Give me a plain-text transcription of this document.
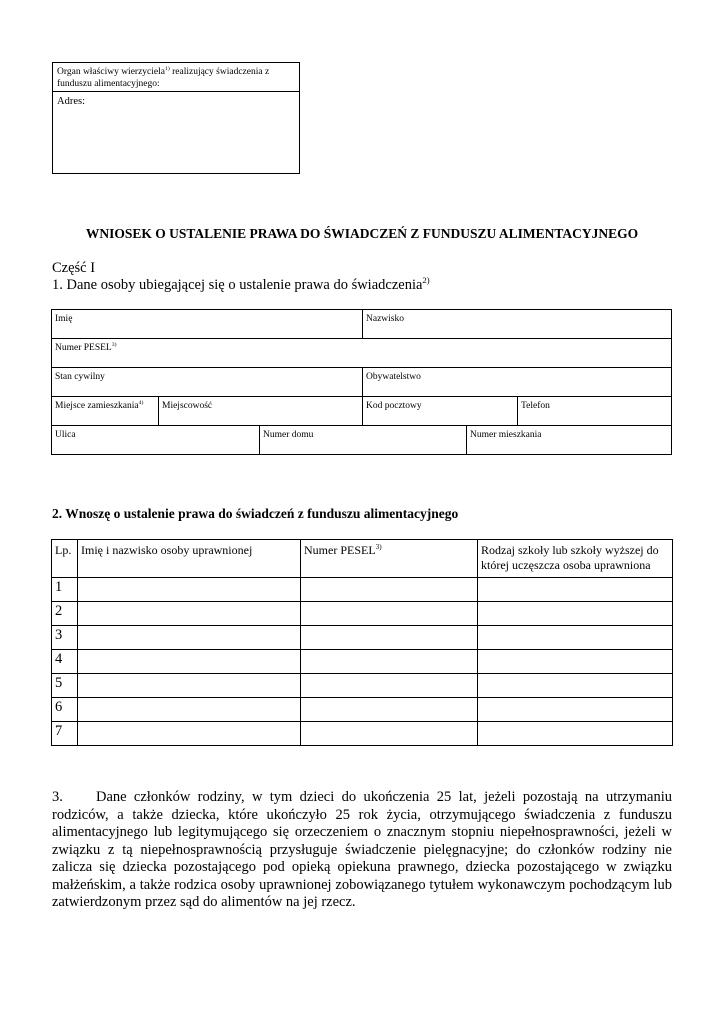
Organ właściwy wierzyciela$^{1)}$ realizujący świadczenia z funduszu alimentacyjnego:
Adres:
WNIOSEK O USTALENIE PRAWA DO ŚWIADCZEŃ Z FUNDUSZU ALIMENTACYJNEGO
Część I
1. Dane osoby ubiegającej się o ustalenie prawa do świadczenia$^{2)}$
Imię	Nazwisko
Numer PESEL$^{3)}$
Stan cywilny	Obywatelstwo
Miejsce zamieszkania$^{4)}$	Miejscowość	Kod pocztowy	Telefon
Ulica	Numer domu	Numer mieszkania
2. Wnoszę o ustalenie prawa do świadczeń z funduszu alimentacyjnego
Lp.	Imię i nazwisko osoby uprawnionej	Numer PESEL$^{3)}$	Rodzaj szkoły lub szkoły wyższej do której uczęszcza osoba uprawniona
1			
2			
3			
4			
5			
6			
7			
3. Dane członków rodziny, w tym dzieci do ukończenia 25 lat, jeżeli pozostają na utrzymaniu rodziców, a także dziecka, które ukończyło 25 rok życia, otrzymującego świadczenia z funduszu alimentacyjnego lub legitymującego się orzeczeniem o znacznym stopniu niepełnosprawności, jeżeli w związku z tą niepełnosprawnością przysługuje świadczenie pielęgnacyjne; do członków rodziny nie zalicza się dziecka pozostającego pod opieką opiekuna prawnego, dziecka pozostającego w związku małżeńskim, a także rodzica osoby uprawnionej zobowiązanego tytułem wykonawczym pochodzącym lub zatwierdzonym przez sąd do alimentów na jej rzecz.
